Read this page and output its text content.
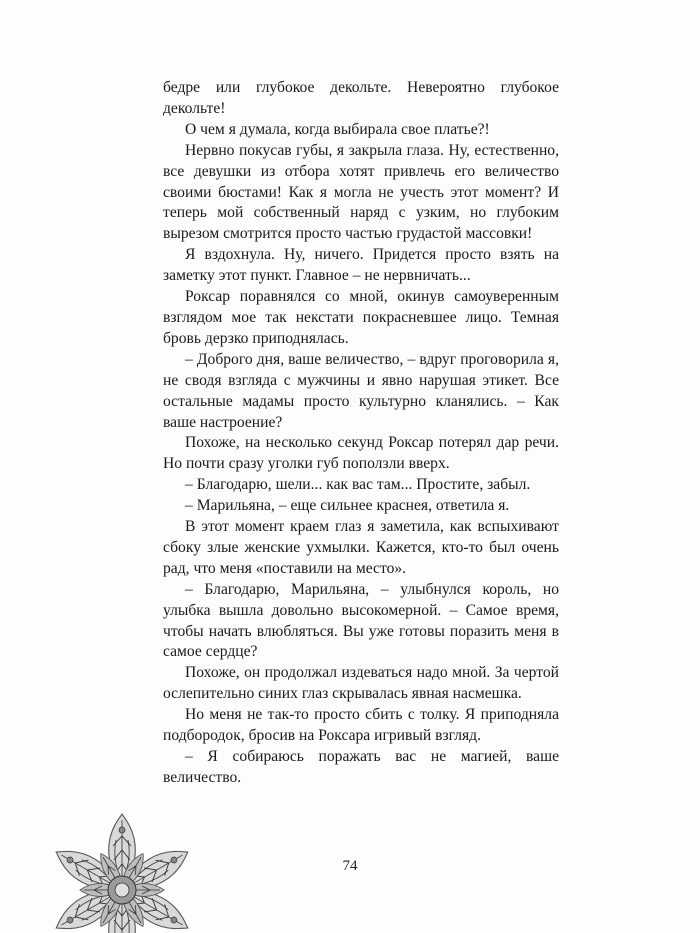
бедре или глубокое декольте. Невероятно глубокое декольте!

О чем я думала, когда выбирала свое платье?!

Нервно покусав губы, я закрыла глаза. Ну, естественно, все девушки из отбора хотят привлечь его величество своими бюстами! Как я могла не учесть этот момент? И теперь мой собственный наряд с узким, но глубоким вырезом смотрится просто частью грудастой массовки!

Я вздохнула. Ну, ничего. Придется просто взять на заметку этот пункт. Главное – не нервничать...

Роксар поравнялся со мной, окинув самоуверенным взглядом мое так некстати покрасневшее лицо. Темная бровь дерзко приподнялась.

– Доброго дня, ваше величество, – вдруг проговорила я, не сводя взгляда с мужчины и явно нарушая этикет. Все остальные мадамы просто культурно кланялись. – Как ваше настроение?

Похоже, на несколько секунд Роксар потерял дар речи. Но почти сразу уголки губ поползли вверх.

– Благодарю, шели... как вас там... Простите, забыл.

– Марильяна, – еще сильнее краснея, ответила я.

В этот момент краем глаз я заметила, как вспыхивают сбоку злые женские ухмылки. Кажется, кто-то был очень рад, что меня «поставили на место».

– Благодарю, Марильяна, – улыбнулся король, но улыбка вышла довольно высокомерной. – Самое время, чтобы начать влюбляться. Вы уже готовы поразить меня в самое сердце?

Похоже, он продолжал издеваться надо мной. За чертой ослепительно синих глаз скрывалась явная насмешка.

Но меня не так-то просто сбить с толку. Я приподняла подбородок, бросив на Роксара игривый взгляд.

– Я собираюсь поражать вас не магией, ваше величество.

74
